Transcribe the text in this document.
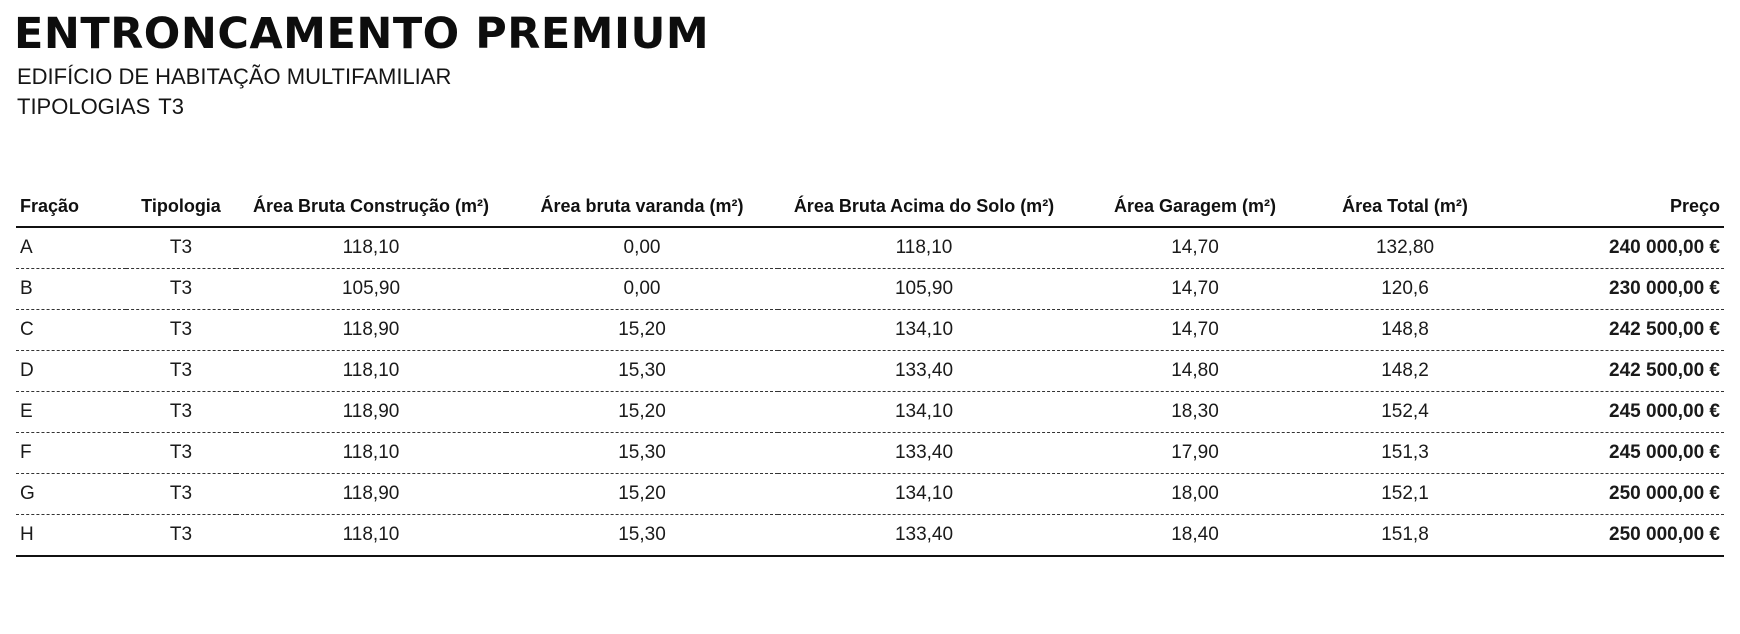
ENTRONCAMENTO PREMIUM
EDIFÍCIO DE HABITAÇÃO MULTIFAMILIAR
TIPOLOGIAS T3
Fração	Tipologia	Área Bruta Construção (m²)	Área bruta varanda (m²)	Área Bruta Acima do Solo (m²)	Área Garagem (m²)	Área Total (m²)	Preço
A	T3	118,10	0,00	118,10	14,70	132,80	240 000,00 €
B	T3	105,90	0,00	105,90	14,70	120,6	230 000,00 €
C	T3	118,90	15,20	134,10	14,70	148,8	242 500,00 €
D	T3	118,10	15,30	133,40	14,80	148,2	242 500,00 €
E	T3	118,90	15,20	134,10	18,30	152,4	245 000,00 €
F	T3	118,10	15,30	133,40	17,90	151,3	245 000,00 €
G	T3	118,90	15,20	134,10	18,00	152,1	250 000,00 €
H	T3	118,10	15,30	133,40	18,40	151,8	250 000,00 €
